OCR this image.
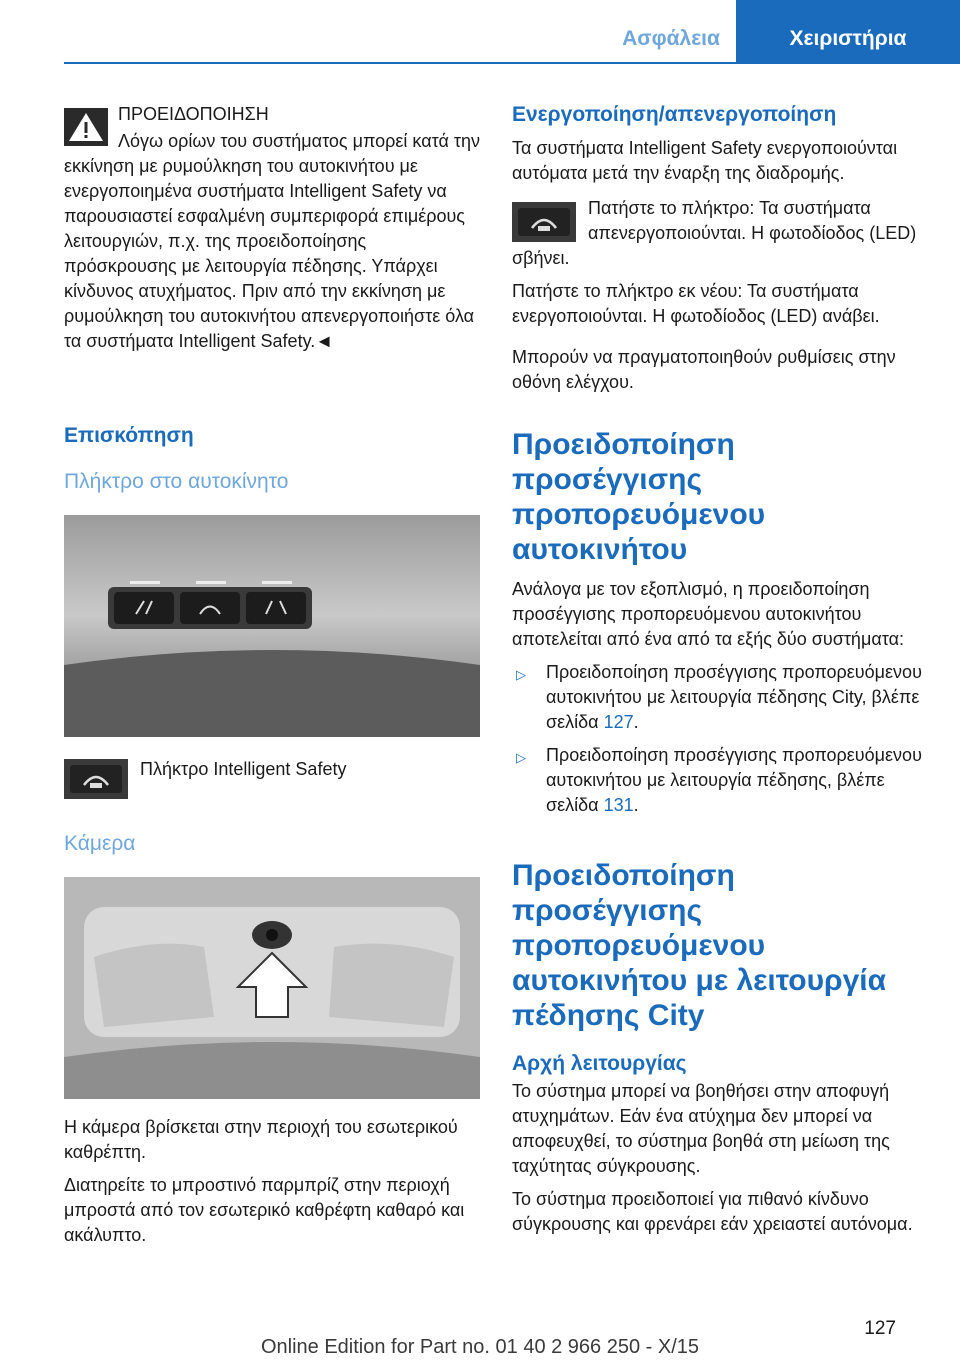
Ασφάλεια	Χειριστήρια

ΠΡΟΕΙΔΟΠΟΙΗΣΗ

Λόγω ορίων του συστήματος μπορεί κατά την εκκίνηση με ρυμούλκηση του αυτοκινήτου με ενεργοποιημένα συστήματα Intelligent Safety να παρουσιαστεί εσφαλμένη συμπεριφορά επιμέρους λειτουργιών, π.χ. της προειδοποίησης πρόσκρουσης με λειτουργία πέδησης. Υπάρχει κίνδυνος ατυχήματος. Πριν από την εκκίνηση με ρυμούλκηση του αυτοκινήτου απενεργοποιήστε όλα τα συστήματα Intelligent Safety.◄

Επισκόπηση
Πλήκτρο στο αυτοκίνητο

Πλήκτρο Intelligent Safety

Κάμερα

Η κάμερα βρίσκεται στην περιοχή του εσωτερικού καθρέπτη.

Διατηρείτε το μπροστινό παρμπρίζ στην περιοχή μπροστά από τον εσωτερικό καθρέφτη καθαρό και ακάλυπτο.

Ενεργοποίηση/απενεργοποίηση

Τα συστήματα Intelligent Safety ενεργοποιούνται αυτόματα μετά την έναρξη της διαδρομής.

Πατήστε το πλήκτρο: Τα συστήματα απενεργοποιούνται. Η φωτοδίοδος (LED) σβήνει.

Πατήστε το πλήκτρο εκ νέου: Τα συστήματα ενεργοποιούνται. Η φωτοδίοδος (LED) ανάβει.

Μπορούν να πραγματοποιηθούν ρυθμίσεις στην οθόνη ελέγχου.

Προειδοποίηση προσέγγισης προπορευόμενου αυτοκινήτου

Ανάλογα με τον εξοπλισμό, η προειδοποίηση προσέγγισης προπορευόμενου αυτοκινήτου αποτελείται από ένα από τα εξής δύο συστήματα:

▷ Προειδοποίηση προσέγγισης προπορευόμενου αυτοκινήτου με λειτουργία πέδησης City, βλέπε σελίδα 127.
▷ Προειδοποίηση προσέγγισης προπορευόμενου αυτοκινήτου με λειτουργία πέδησης, βλέπε σελίδα 131.
Προειδοποίηση προσέγγισης προπορευόμενου αυτοκινήτου με λειτουργία πέδησης City
Αρχή λειτουργίας

Το σύστημα μπορεί να βοηθήσει στην αποφυγή ατυχημάτων. Εάν ένα ατύχημα δεν μπορεί να αποφευχθεί, το σύστημα βοηθά στη μείωση της ταχύτητας σύγκρουσης.

Το σύστημα προειδοποιεί για πιθανό κίνδυνο σύγκρουσης και φρενάρει εάν χρειαστεί αυτόνομα.

127
Online Edition for Part no. 01 40 2 966 250 - X/15
